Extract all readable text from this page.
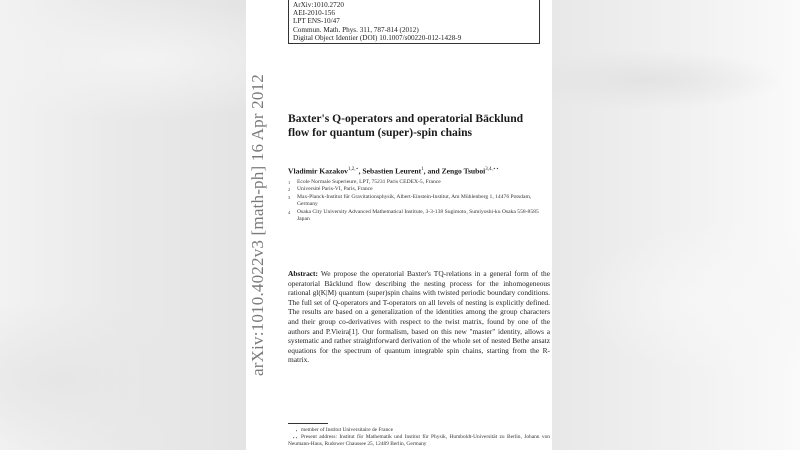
arXiv:1010.4022v3 [math-ph] 16 Apr 2012
ArXiv:1010.2720
AEI-2010-156
LPT ENS-10/47
Commun. Math. Phys. 311, 787-814 (2012)
Digital Object Identier (DOI) 10.1007/s00220-012-1428-9
Baxter's Q-operators and operatorial Bäcklund
flow for quantum (super)-spin chains
Vladimir Kazakov$^{1,2,⋆}$, Sebastien Leurent$^1$, and Zengo Tsuboi$^{3,4,⋆⋆}$
1	Ecole Normale Superieure, LPT, 75231 Paris CEDEX-5, France
2	Université Paris-VI, Paris, France
3	Max-Planck-Institut für Gravitationsphysik, Albert-Einstein-Institut, Am Mühlenberg 1, 14476 Potsdam, Germany
4	Osaka City University Advanced Mathematical Institute, 3-3-138 Sugimoto, Sumiyoshi-ku Osaka 558-8585 Japan
Abstract: We propose the operatorial Baxter's TQ-relations in a general form of the operatorial Bäcklund flow describing the nesting process for the inhomogeneous rational gl(K|M) quantum (super)spin chains with twisted periodic boundary conditions. The full set of Q-operators and T-operators on all levels of nesting is explicitly defined. The results are based on a generalization of the identities among the group characters and their group co-derivatives with respect to the twist matrix, found by one of the authors and P.Vieira[1]. Our formalism, based on this new "master" identity, allows a systematic and rather straightforward derivation of the whole set of nested Bethe ansatz equations for the spectrum of quantum integrable spin chains, starting from the R-matrix.
⋆ member of Institut Universitaire de France
⋆⋆ Present address: Institut für Mathematik und Institut für Physik, Humboldt-Universität zu Berlin, Johann von Neumann-Haus, Rudower Chaussee 25, 12489 Berlin, Germany
